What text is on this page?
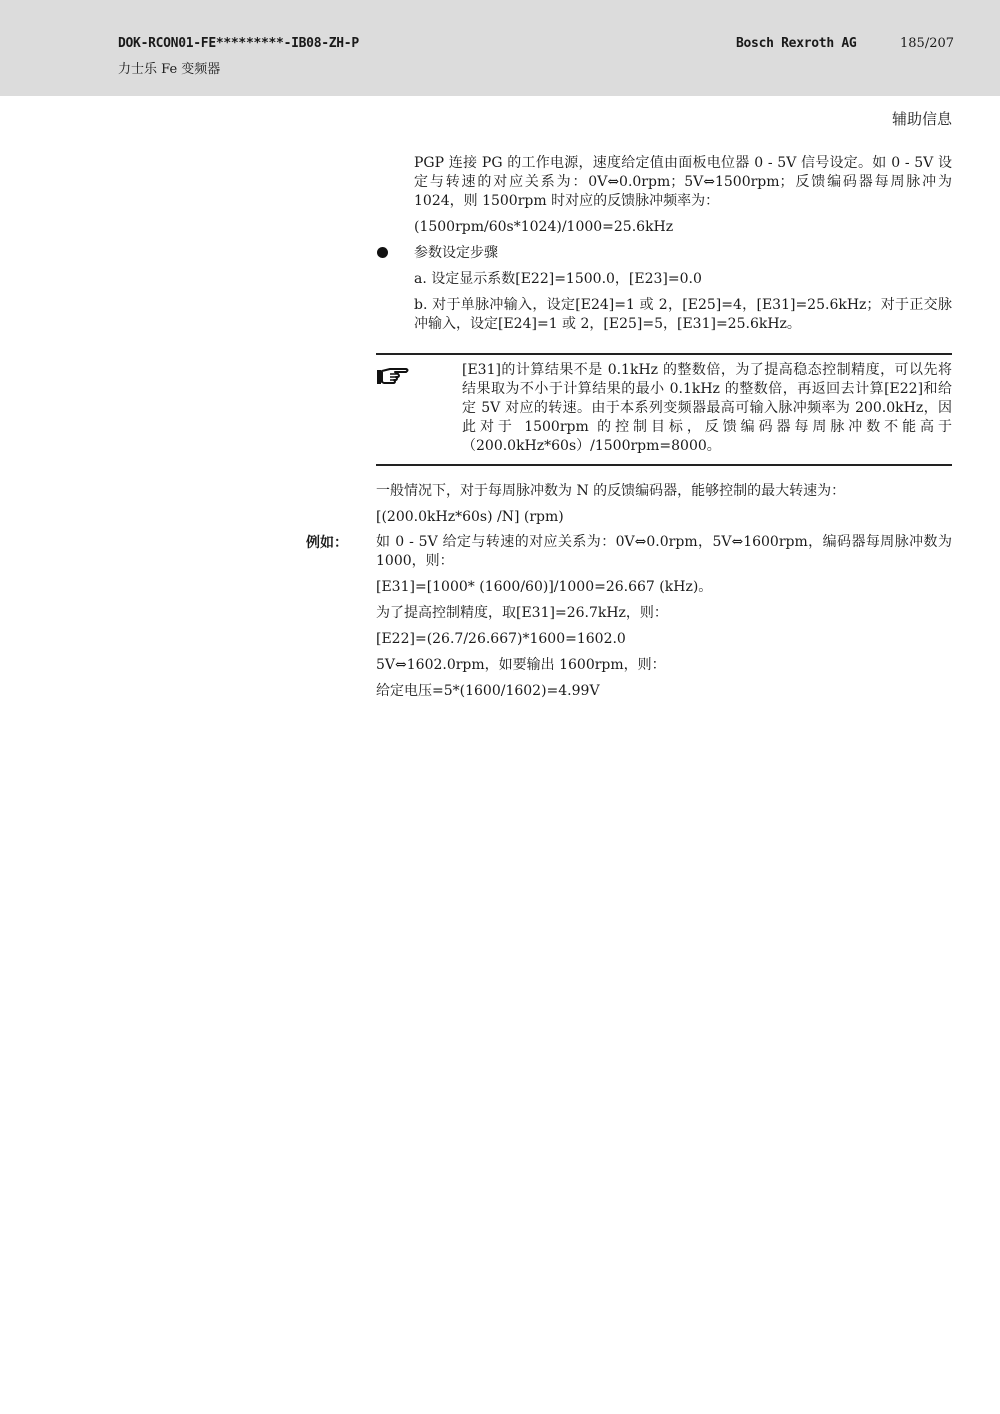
DOK-RCON01-FE*********-IB08-ZH-P
力士乐 Fe 变频器
Bosch Rexroth AG	185/207
辅助信息
PGP 连接 PG 的工作电源，速度给定值由面板电位器 0 - 5V 信号设定。如 0 - 5V 设定与转速的对应关系为：0V⇔0.0rpm；5V⇔1500rpm；反馈编码器每周脉冲为 1024，则 1500rpm 时对应的反馈脉冲频率为：
(1500rpm/60s*1024)/1000=25.6kHz
参数设定步骤
a. 设定显示系数[E22]=1500.0，[E23]=0.0
b. 对于单脉冲输入，设定[E24]=1 或 2，[E25]=4，[E31]=25.6kHz；对于正交脉冲输入，设定[E24]=1 或 2，[E25]=5，[E31]=25.6kHz。
[E31]的计算结果不是 0.1kHz 的整数倍，为了提高稳态控制精度，可以先将结果取为不小于计算结果的最小 0.1kHz 的整数倍，再返回去计算[E22]和给定 5V 对应的转速。由于本系列变频器最高可输入脉冲频率为 200.0kHz，因此对于 1500rpm 的控制目标，反馈编码器每周脉冲数不能高于（200.0kHz*60s）/1500rpm=8000。
一般情况下，对于每周脉冲数为 N 的反馈编码器，能够控制的最大转速为：
[(200.0kHz*60s) /N] (rpm)
例如： 如 0 - 5V 给定与转速的对应关系为：0V⇔0.0rpm，5V⇔1600rpm，编码器每周脉冲数为 1000，则：
[E31]=[1000* (1600/60)]/1000=26.667 (kHz)。
为了提高控制精度，取[E31]=26.7kHz，则：
[E22]=(26.7/26.667)*1600=1602.0
5V⇔1602.0rpm，如要输出 1600rpm，则：
给定电压=5*(1600/1602)=4.99V
